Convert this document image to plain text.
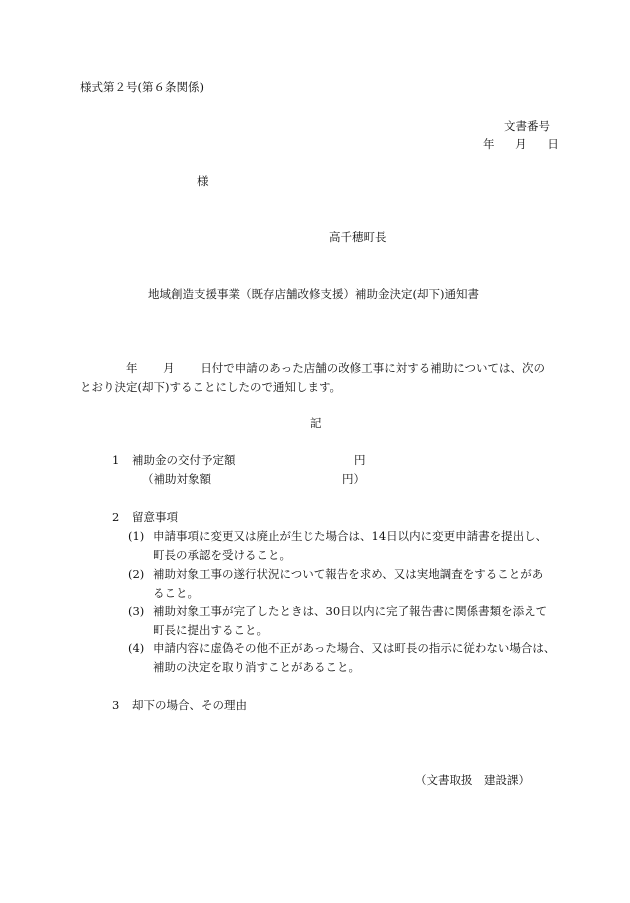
様式第２号(第６条関係)
文書番号
年 月 日
様
高千穂町長
地域創造支援事業（既存店舗改修支援）補助金決定(却下)通知書
年 月 日付で申請のあった店舗の改修工事に対する補助については、次の
とおり決定(却下)することにしたので通知します。
記
1 補助金の交付予定額	円
（補助対象額	円）
2 留意事項
(1) 申請事項に変更又は廃止が生じた場合は、14日以内に変更申請書を提出し、
町長の承認を受けること。
(2) 補助対象工事の遂行状況について報告を求め、又は実地調査をすることがあ
ること。
(3) 補助対象工事が完了したときは、30日以内に完了報告書に関係書類を添えて
町長に提出すること。
(4) 申請内容に虚偽その他不正があった場合、又は町長の指示に従わない場合は、
補助の決定を取り消すことがあること。
3 却下の場合、その理由
（文書取扱　建設課）
